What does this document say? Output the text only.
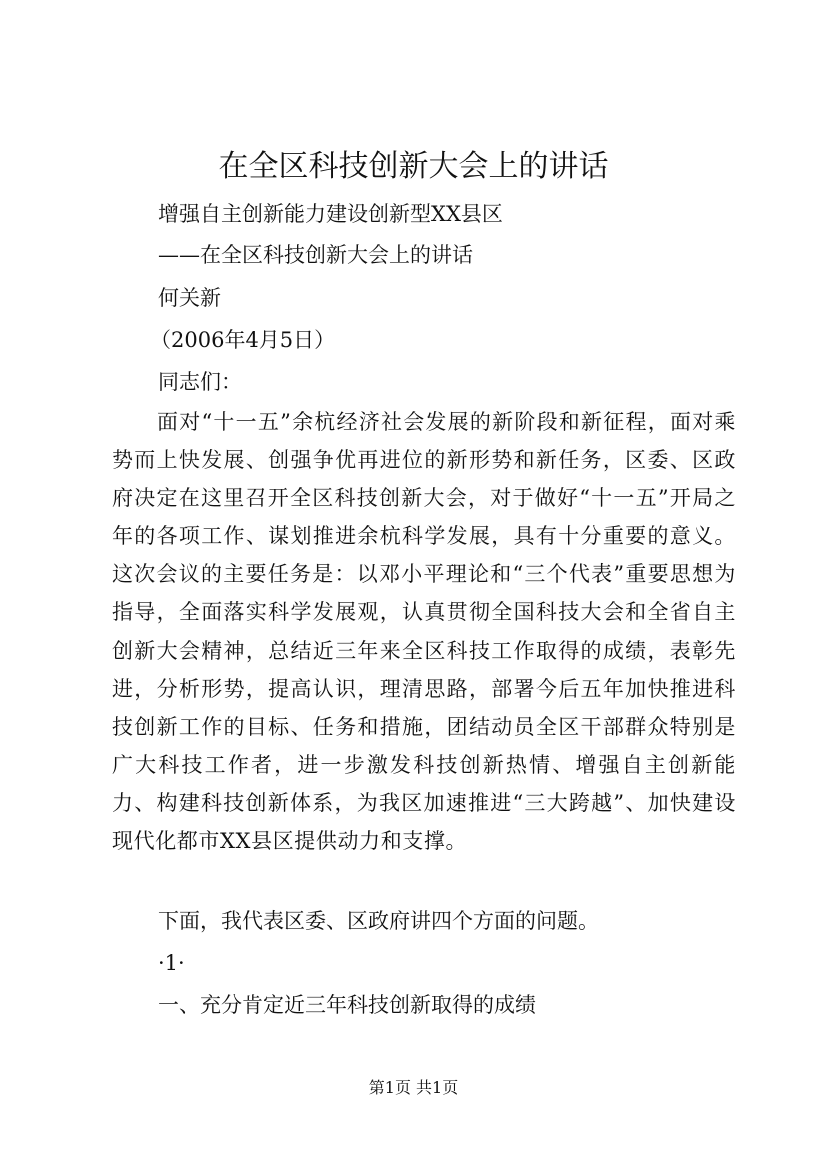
在全区科技创新大会上的讲话
增强自主创新能力建设创新型XX县区
——在全区科技创新大会上的讲话
何关新
（2006年4月5日）
同志们：
面对“十一五”余杭经济社会发展的新阶段和新征程，面对乘势而上快发展、创强争优再进位的新形势和新任务，区委、区政府决定在这里召开全区科技创新大会，对于做好“十一五”开局之年的各项工作、谋划推进余杭科学发展，具有十分重要的意义。这次会议的主要任务是：以邓小平理论和“三个代表”重要思想为指导，全面落实科学发展观，认真贯彻全国科技大会和全省自主创新大会精神，总结近三年来全区科技工作取得的成绩，表彰先进，分析形势，提高认识，理清思路，部署今后五年加快推进科技创新工作的目标、任务和措施，团结动员全区干部群众特别是广大科技工作者，进一步激发科技创新热情、增强自主创新能力、构建科技创新体系，为我区加速推进“三大跨越”、加快建设现代化都市XX县区提供动力和支撑。
下面，我代表区委、区政府讲四个方面的问题。
·1·
一、充分肯定近三年科技创新取得的成绩
第1页 共1页
